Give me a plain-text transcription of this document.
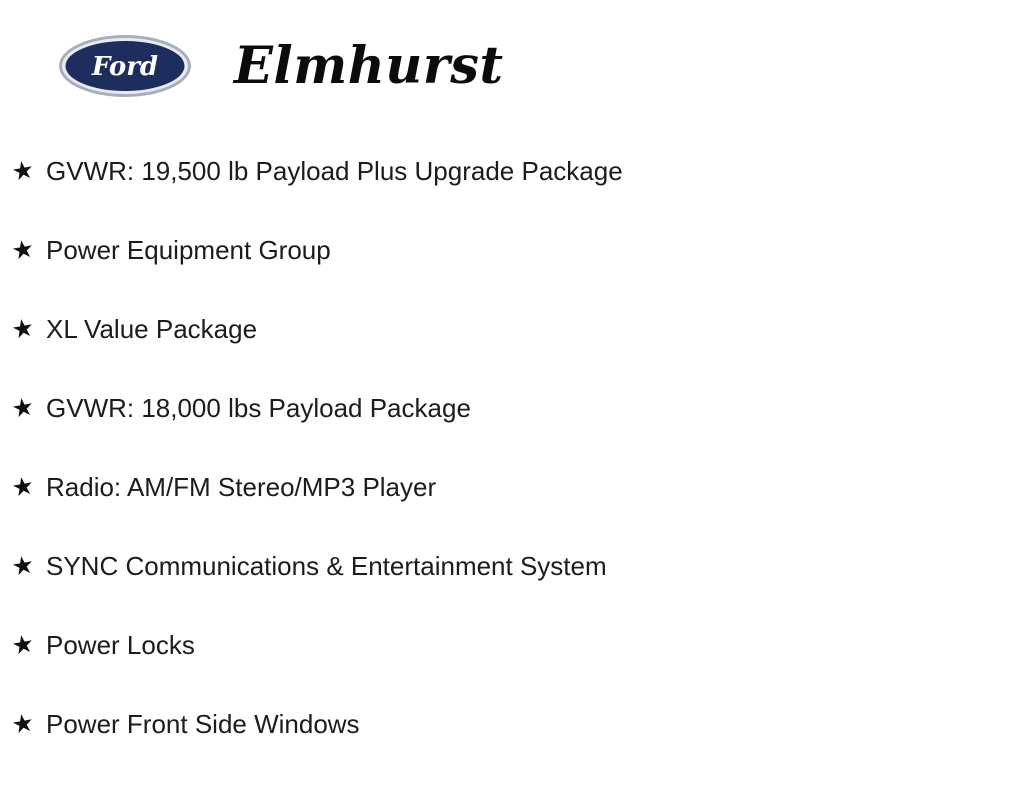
Ford Elmhurst
★ GVWR: 19,500 lb Payload Plus Upgrade Package
★ Power Equipment Group
★ XL Value Package
★ GVWR: 18,000 lbs Payload Package
★ Radio: AM/FM Stereo/MP3 Player
★ SYNC Communications & Entertainment System
★ Power Locks
★ Power Front Side Windows
